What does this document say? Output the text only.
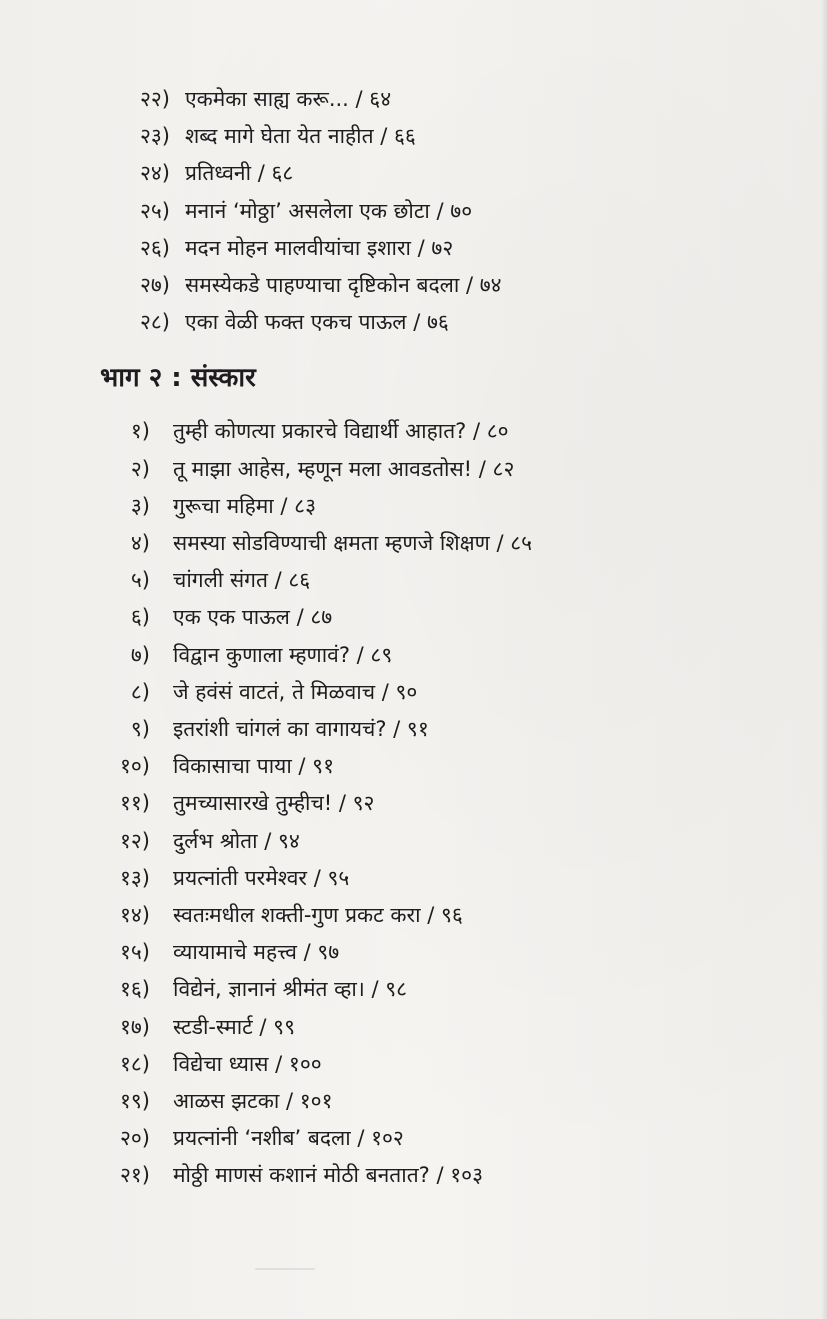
२२) एकमेका साह्य करू... / ६४
२३) शब्द मागे घेता येत नाहीत / ६६
२४) प्रतिध्वनी / ६८
२५) मनानं ‘मोठ्ठा’ असलेला एक छोटा / ७०
२६) मदन मोहन मालवीयांचा इशारा / ७२
२७) समस्येकडे पाहण्याचा दृष्टिकोन बदला / ७४
२८) एका वेळी फक्त एकच पाऊल / ७६
भाग २ : संस्कार
१) तुम्ही कोणत्या प्रकारचे विद्यार्थी आहात? / ८०
२) तू माझा आहेस, म्हणून मला आवडतोस! / ८२
३) गुरूचा महिमा / ८३
४) समस्या सोडविण्याची क्षमता म्हणजे शिक्षण / ८५
५) चांगली संगत / ८६
६) एक एक पाऊल / ८७
७) विद्वान कुणाला म्हणावं? / ८९
८) जे हवंसं वाटतं, ते मिळवाच / ९०
९) इतरांशी चांगलं का वागायचं? / ९१
१०) विकासाचा पाया / ९१
११) तुमच्यासारखे तुम्हीच! / ९२
१२) दुर्लभ श्रोता / ९४
१३) प्रयत्नांती परमेश्वर / ९५
१४) स्वतःमधील शक्ती-गुण प्रकट करा / ९६
१५) व्यायामाचे महत्त्व / ९७
१६) विद्येनं, ज्ञानानं श्रीमंत व्हा। / ९८
१७) स्टडी-स्मार्ट / ९९
१८) विद्येचा ध्यास / १००
१९) आळस झटका / १०१
२०) प्रयत्नांनी ‘नशीब’ बदला / १०२
२१) मोठ्ठी माणसं कशानं मोठी बनतात? / १०३
